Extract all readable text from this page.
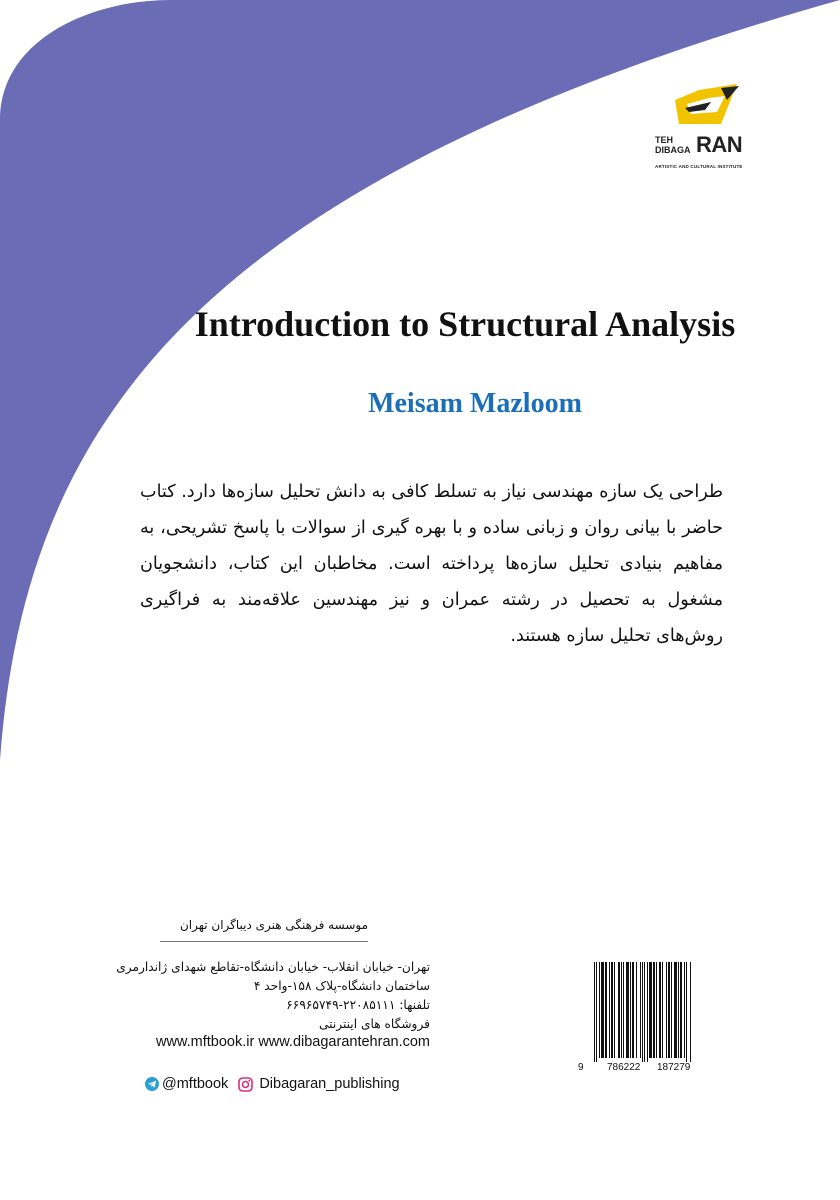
TEH
DIBAGA RAN
ARTISTIC AND CULTURAL INSTITUTE
Introduction to Structural Analysis
Meisam Mazloom

طراحی یک سازه مهندسی نیاز به تسلط کافی به دانش تحلیل سازه‌ها دارد. کتاب حاضر با بیانی روان و زبانی ساده و با بهره گیری از سوالات با پاسخ تشریحی، به مفاهیم بنیادی تحلیل سازه‌ها پرداخته است. مخاطبان این کتاب، دانشجویان مشغول به تحصیل در رشته عمران و نیز مهندسین علاقه‌مند به فراگیری روش‌های تحلیل سازه هستند.

موسسه فرهنگی هنری دیباگران تهران

تهران- خیابان انقلاب- خیابان دانشگاه-تقاطع شهدای ژاندارمری
ساختمان دانشگاه-پلاک ۱۵۸-واحد ۴
تلفنها: ۲۲۰۸۵۱۱۱-۶۶۹۶۵۷۴۹
فروشگاه های اینترنتی

www.mftbook.ir www.dibagarantehran.com

@mftbook Dibagaran_publishing
9 786222 187279
